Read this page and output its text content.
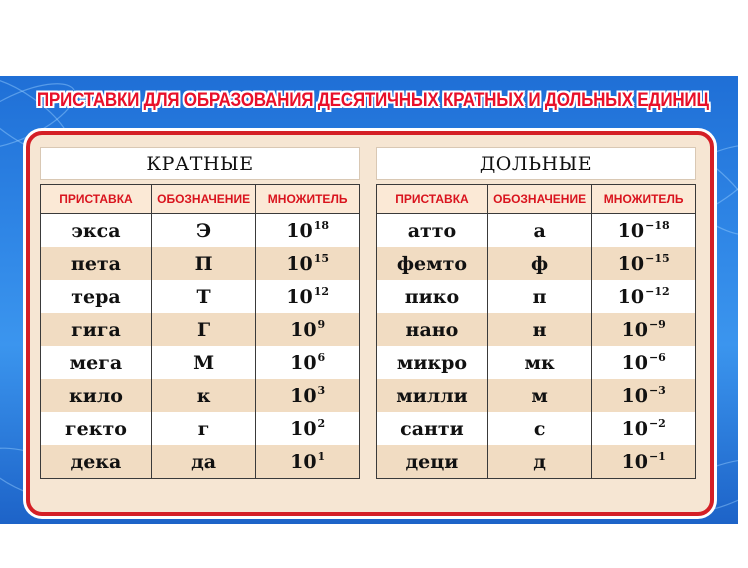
ПРИСТАВКИ ДЛЯ ОБРАЗОВАНИЯ ДЕСЯТИЧНЫХ КРАТНЫХ И ДОЛЬНЫХ ЕДИНИЦ
КРАТНЫЕ
ПРИСТАВКА	ОБОЗНАЧЕНИЕ	МНОЖИТЕЛЬ
экса	Э	$10^{18}$
пета	П	$10^{15}$
тера	Т	$10^{12}$
гига	Г	$10^9$
мега	М	$10^6$
кило	к	$10^3$
гекто	г	$10^2$
дека	да	$10^1$
ДОЛЬНЫЕ
ПРИСТАВКА	ОБОЗНАЧЕНИЕ	МНОЖИТЕЛЬ
атто	а	$10^{-18}$
фемто	ф	$10^{-15}$
пико	п	$10^{-12}$
нано	н	$10^{-9}$
микро	мк	$10^{-6}$
милли	м	$10^{-3}$
санти	с	$10^{-2}$
деци	д	$10^{-1}$
